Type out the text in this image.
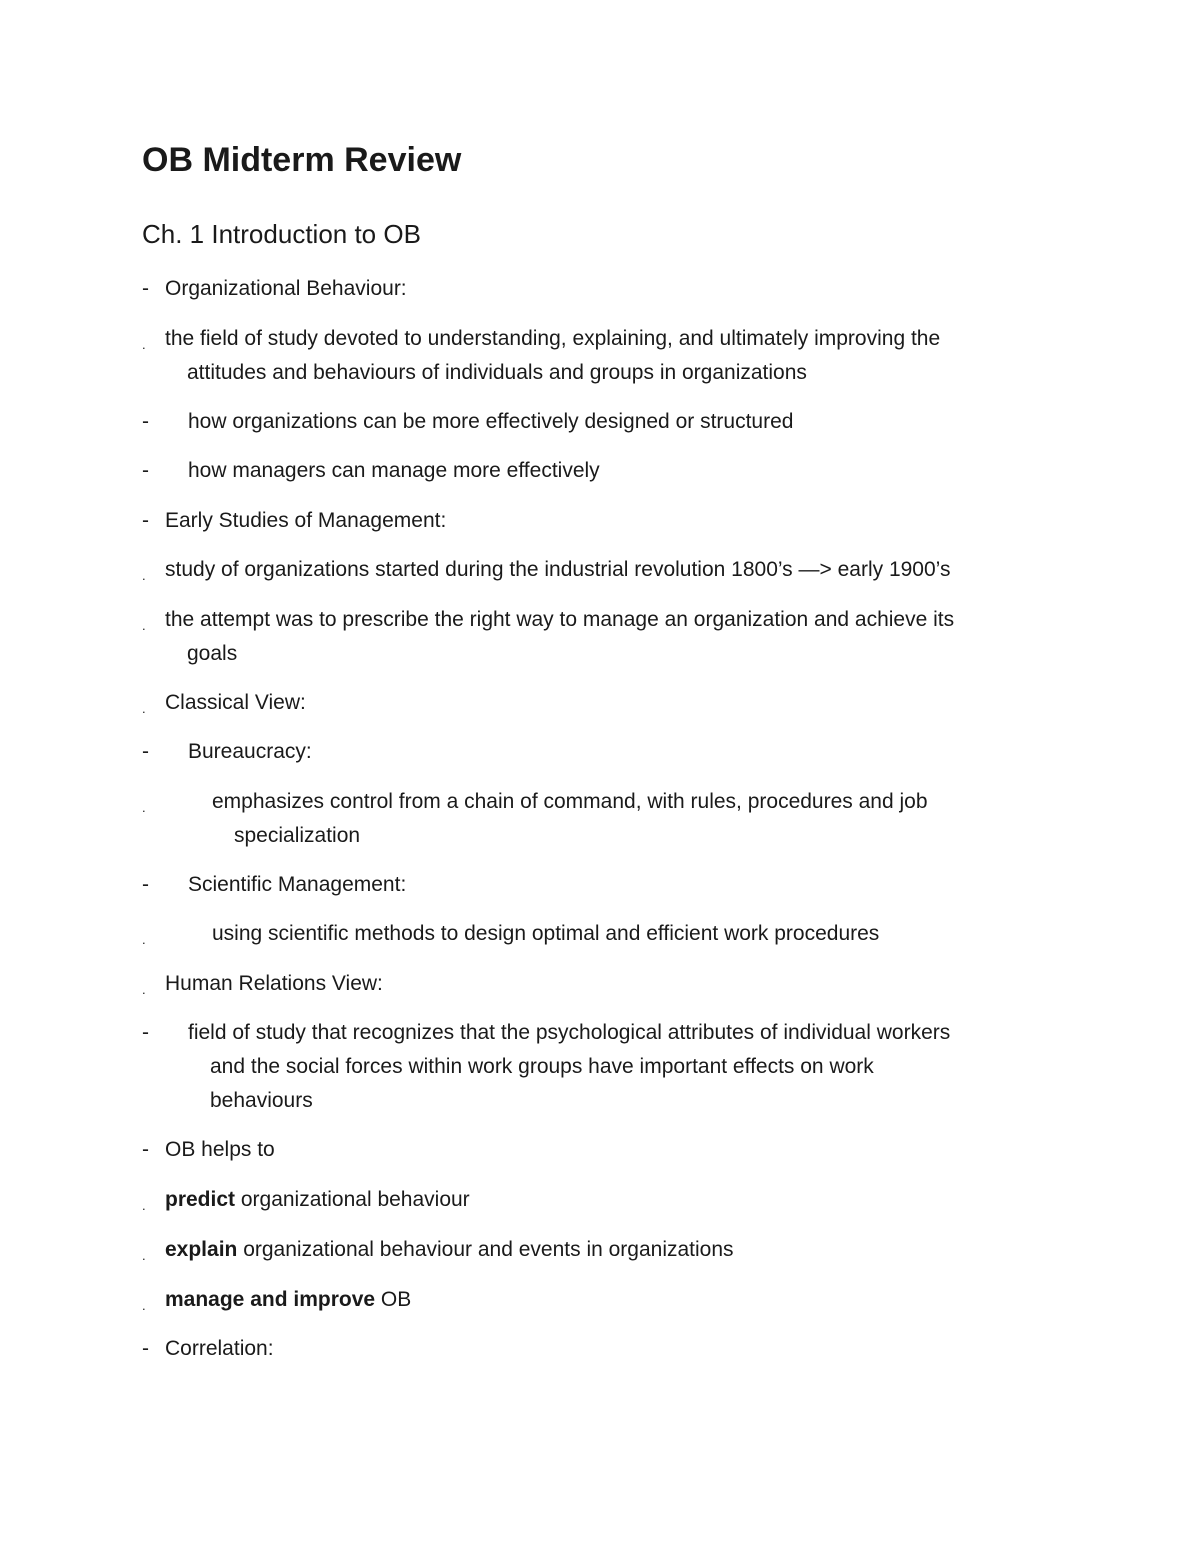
OB Midterm Review
Ch. 1 Introduction to OB
- Organizational Behaviour:
. the field of study devoted to understanding, explaining, and ultimately improving the
attitudes and behaviours of individuals and groups in organizations
-	how organizations can be more effectively designed or structured
-	how managers can manage more effectively
- Early Studies of Management:
. study of organizations started during the industrial revolution 1800’s —> early 1900’s
. the attempt was to prescribe the right way to manage an organization and achieve its
goals
. Classical View:
-	Bureaucracy:
.	emphasizes control from a chain of command, with rules, procedures and job
specialization
-	Scientific Management:
.	using scientific methods to design optimal and efficient work procedures
. Human Relations View:
-	field of study that recognizes that the psychological attributes of individual workers
and the social forces within work groups have important effects on work
behaviours
- OB helps to
. predict organizational behaviour
. explain organizational behaviour and events in organizations
. manage and improve OB
- Correlation:
